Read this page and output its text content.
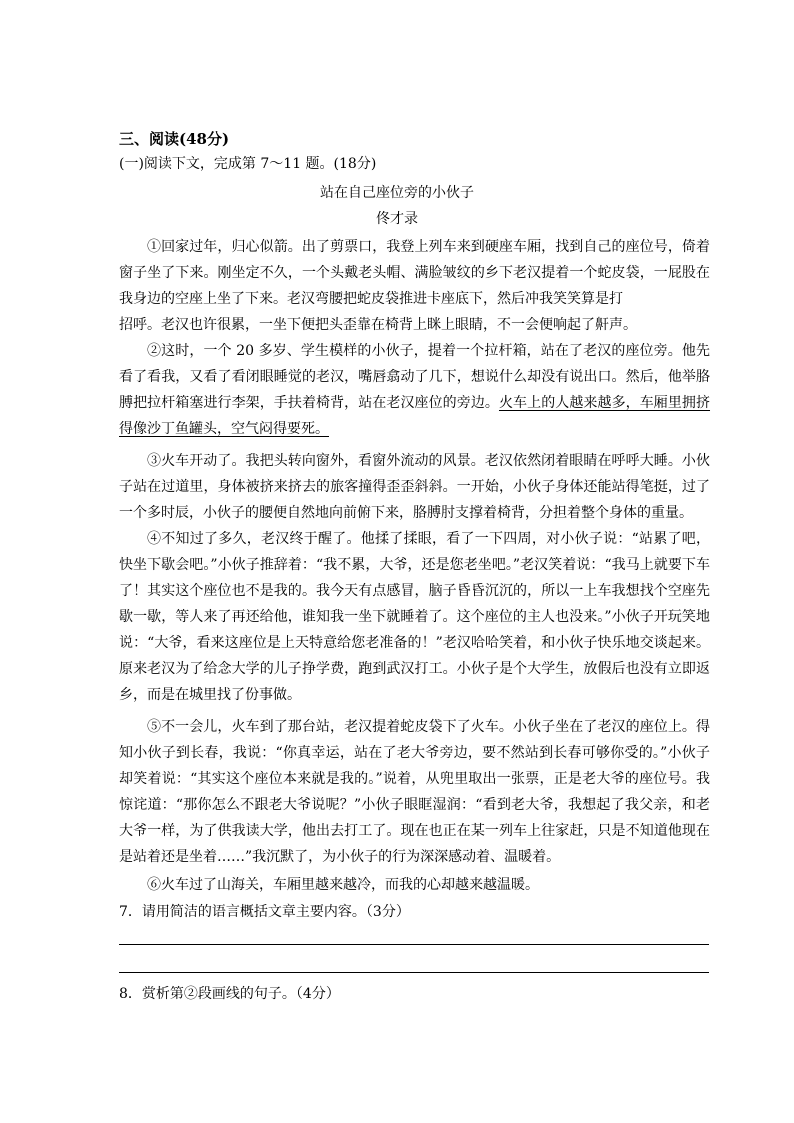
三、阅读(48分)
(一)阅读下文，完成第 7～11 题。(18分)
站在自己座位旁的小伙子
佟才录
①回家过年，归心似箭。出了剪票口，我登上列车来到硬座车厢，找到自己的座位号，倚着窗子坐了下来。刚坐定不久，一个头戴老头帽、满脸皱纹的乡下老汉提着一个蛇皮袋，一屁股在我身边的空座上坐了下来。老汉弯腰把蛇皮袋推进卡座底下，然后冲我笑笑算是打
招呼。老汉也许很累，一坐下便把头歪靠在椅背上眯上眼睛，不一会便响起了鼾声。
②这时，一个 20 多岁、学生模样的小伙子，提着一个拉杆箱，站在了老汉的座位旁。他先看了看我，又看了看闭眼睡觉的老汉，嘴唇翕动了几下，想说什么却没有说出口。然后，他举胳膊把拉杆箱塞进行李架，手扶着椅背，站在老汉座位的旁边。火车上的人越来越多，车厢里拥挤得像沙丁鱼罐头，空气闷得要死。
③火车开动了。我把头转向窗外，看窗外流动的风景。老汉依然闭着眼睛在呼呼大睡。小伙子站在过道里，身体被挤来挤去的旅客撞得歪歪斜斜。一开始，小伙子身体还能站得笔挺，过了一个多时辰，小伙子的腰便自然地向前俯下来，胳膊肘支撑着椅背，分担着整个身体的重量。
④不知过了多久，老汉终于醒了。他揉了揉眼，看了一下四周，对小伙子说：“站累了吧，快坐下歇会吧。”小伙子推辞着：“我不累，大爷，还是您老坐吧。”老汉笑着说：“我马上就要下车了！其实这个座位也不是我的。我今天有点感冒，脑子昏昏沉沉的，所以一上车我想找个空座先歇一歇，等人来了再还给他，谁知我一坐下就睡着了。这个座位的主人也没来。”小伙子开玩笑地说：“大爷，看来这座位是上天特意给您老准备的！”老汉哈哈笑着，和小伙子快乐地交谈起来。原来老汉为了给念大学的儿子挣学费，跑到武汉打工。小伙子是个大学生，放假后也没有立即返乡，而是在城里找了份事做。
⑤不一会儿，火车到了那台站，老汉提着蛇皮袋下了火车。小伙子坐在了老汉的座位上。得知小伙子到长春，我说：“你真幸运，站在了老大爷旁边，要不然站到长春可够你受的。”小伙子却笑着说：“其实这个座位本来就是我的。”说着，从兜里取出一张票，正是老大爷的座位号。我惊诧道：“那你怎么不跟老大爷说呢？”小伙子眼眶湿润：“看到老大爷，我想起了我父亲，和老大爷一样，为了供我读大学，他出去打工了。现在也正在某一列车上往家赶，只是不知道他现在是站着还是坐着……”我沉默了，为小伙子的行为深深感动着、温暖着。
⑥火车过了山海关，车厢里越来越冷，而我的心却越来越温暖。
7．请用简洁的语言概括文章主要内容。（3分）
8．赏析第②段画线的句子。（4分）
